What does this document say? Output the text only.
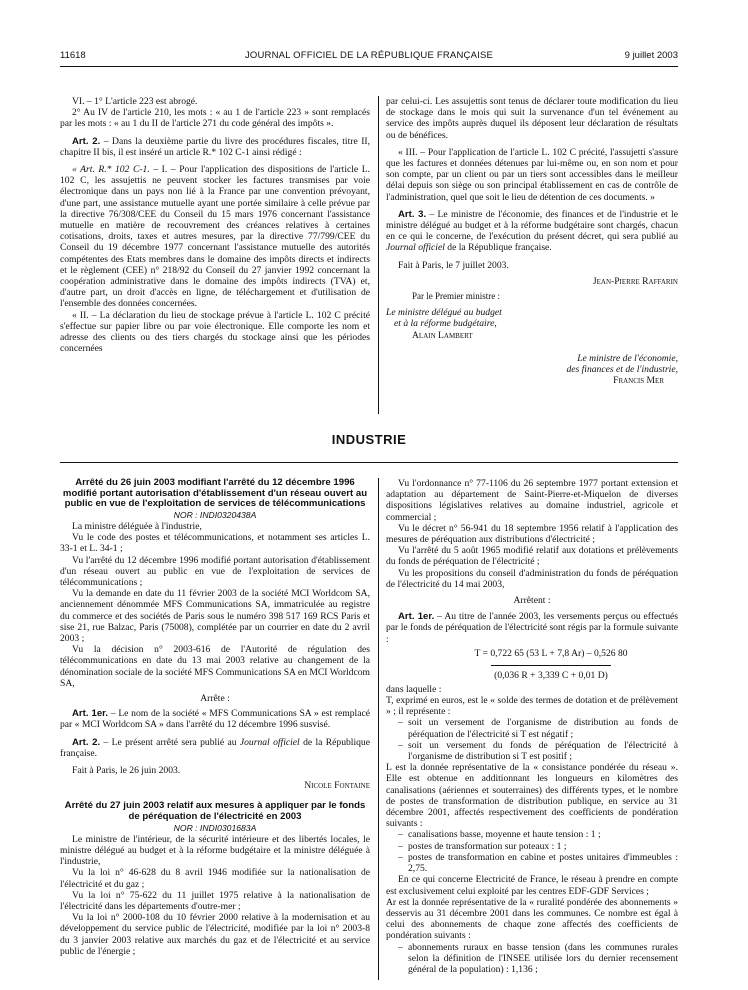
11618	JOURNAL OFFICIEL DE LA RÉPUBLIQUE FRANÇAISE	9 juillet 2003

VI. – 1° L'article 223 est abrogé.

2° Au IV de l'article 210, les mots : « au 1 de l'article 223 » sont remplacés par les mots : « au 1 du II de l'article 271 du code général des impôts ».

Art. 2. – Dans la deuxième partie du livre des procédures fiscales, titre II, chapitre II bis, il est inséré un article R.* 102 C-1 ainsi rédigé :

« Art. R.* 102 C-1. – I. – Pour l'application des dispositions de l'article L. 102 C, les assujettis ne peuvent stocker les factures transmises par voie électronique dans un pays non lié à la France par une convention prévoyant, d'une part, une assistance mutuelle ayant une portée similaire à celle prévue par la directive 76/308/CEE du Conseil du 15 mars 1976 concernant l'assistance mutuelle en matière de recouvrement des créances relatives à certaines cotisations, droits, taxes et autres mesures, par la directive 77/799/CEE du Conseil du 19 décembre 1977 concernant l'assistance mutuelle des autorités compétentes des Etats membres dans le domaine des impôts directs et indirects et le règlement (CEE) n° 218/92 du Conseil du 27 janvier 1992 concernant la coopération administrative dans le domaine des impôts indirects (TVA) et, d'autre part, un droit d'accès en ligne, de téléchargement et d'utilisation de l'ensemble des données concernées.

« II. – La déclaration du lieu de stockage prévue à l'article L. 102 C précité s'effectue sur papier libre ou par voie électronique. Elle comporte les nom et adresse des clients ou des tiers chargés du stockage ainsi que les périodes concernées

par celui-ci. Les assujettis sont tenus de déclarer toute modification du lieu de stockage dans le mois qui suit la survenance d'un tel événement au service des impôts auprès duquel ils déposent leur déclaration de résultats ou de bénéfices.

« III. – Pour l'application de l'article L. 102 C précité, l'assujetti s'assure que les factures et données détenues par lui-même ou, en son nom et pour son compte, par un client ou par un tiers sont accessibles dans le meilleur délai depuis son siège ou son principal établissement en cas de contrôle de l'administration, quel que soit le lieu de détention de ces documents. »

Art. 3. – Le ministre de l'économie, des finances et de l'industrie et le ministre délégué au budget et à la réforme budgétaire sont chargés, chacun en ce qui le concerne, de l'exécution du présent décret, qui sera publié au Journal officiel de la République française.

Fait à Paris, le 7 juillet 2003.

Jean-Pierre Raffarin

Par le Premier ministre :

Le ministre délégué au budget

et à la réforme budgétaire,

Alain Lambert

Le ministre de l'économie,

des finances et de l'industrie,

Francis Mer

INDUSTRIE

Arrêté du 26 juin 2003 modifiant l'arrêté du 12 décembre 1996 modifié portant autorisation d'établissement d'un réseau ouvert au public en vue de l'exploitation de services de télécommunications

NOR : INDI0320438A

La ministre déléguée à l'industrie,

Vu le code des postes et télécommunications, et notamment ses articles L. 33-1 et L. 34-1 ;

Vu l'arrêté du 12 décembre 1996 modifié portant autorisation d'établissement d'un réseau ouvert au public en vue de l'exploitation de services de télécommunications ;

Vu la demande en date du 11 février 2003 de la société MCI Worldcom SA, anciennement dénommée MFS Communications SA, immatriculée au registre du commerce et des sociétés de Paris sous le numéro 398 517 169 RCS Paris et sise 21, rue Balzac, Paris (75008), complétée par un courrier en date du 2 avril 2003 ;

Vu la décision n° 2003-616 de l'Autorité de régulation des télécommunications en date du 13 mai 2003 relative au changement de la dénomination sociale de la société MFS Communications SA en MCI Worldcom SA,

Arrête :

Art. 1er. – Le nom de la société « MFS Communications SA » est remplacé par « MCI Worldcom SA » dans l'arrêté du 12 décembre 1996 susvisé.

Art. 2. – Le présent arrêté sera publié au Journal officiel de la République française.

Fait à Paris, le 26 juin 2003.

Nicole Fontaine

Arrêté du 27 juin 2003 relatif aux mesures à appliquer par le fonds de péréquation de l'électricité en 2003

NOR : INDI0301683A

Le ministre de l'intérieur, de la sécurité intérieure et des libertés locales, le ministre délégué au budget et à la réforme budgétaire et la ministre déléguée à l'industrie,

Vu la loi n° 46-628 du 8 avril 1946 modifiée sur la nationalisation de l'électricité et du gaz ;

Vu la loi n° 75-622 du 11 juillet 1975 relative à la nationalisation de l'électricité dans les départements d'outre-mer ;

Vu la loi n° 2000-108 du 10 février 2000 relative à la modernisation et au développement du service public de l'électricité, modifiée par la loi n° 2003-8 du 3 janvier 2003 relative aux marchés du gaz et de l'électricité et au service public de l'énergie ;

Vu l'ordonnance n° 77-1106 du 26 septembre 1977 portant extension et adaptation au département de Saint-Pierre-et-Miquelon de diverses dispositions législatives relatives au domaine industriel, agricole et commercial ;

Vu le décret n° 56-941 du 18 septembre 1956 relatif à l'application des mesures de péréquation aux distributions d'électricité ;

Vu l'arrêté du 5 août 1965 modifié relatif aux dotations et prélèvements du fonds de péréquation de l'électricité ;

Vu les propositions du conseil d'administration du fonds de péréquation de l'électricité du 14 mai 2003,

Arrêtent :

Art. 1er. – Au titre de l'année 2003, les versements perçus ou effectués par le fonds de péréquation de l'électricité sont régis par la formule suivante :

T = 0,722 65 (53 L + 7,8 Ar) – 0,526 80
(0,036 R + 3,339 C + 0,01 D)

dans laquelle :

T, exprimé en euros, est le « solde des termes de dotation et de prélèvement » ; il représente :

– soit un versement de l'organisme de distribution au fonds de péréquation de l'électricité si T est négatif ;
– soit un versement du fonds de péréquation de l'électricité à l'organisme de distribution si T est positif ;

L est la donnée représentative de la « consistance pondérée du réseau ». Elle est obtenue en additionnant les longueurs en kilomètres des canalisations (aériennes et souterraines) des différents types, et le nombre de postes de transformation de distribution publique, en service au 31 décembre 2001, affectés respectivement des coefficients de pondération suivants :

– canalisations basse, moyenne et haute tension : 1 ;
– postes de transformation sur poteaux : 1 ;
– postes de transformation en cabine et postes unitaires d'immeubles : 2,75.

En ce qui concerne Electricité de France, le réseau à prendre en compte est exclusivement celui exploité par les centres EDF-GDF Services ;

Ar est la donnée représentative de la « ruralité pondérée des abonnements » desservis au 31 décembre 2001 dans les communes. Ce nombre est égal à celui des abonnements de chaque zone affectés des coefficients de pondération suivants :

– abonnements ruraux en basse tension (dans les communes rurales selon la définition de l'INSEE utilisée lors du dernier recensement général de la population) : 1,136 ;
